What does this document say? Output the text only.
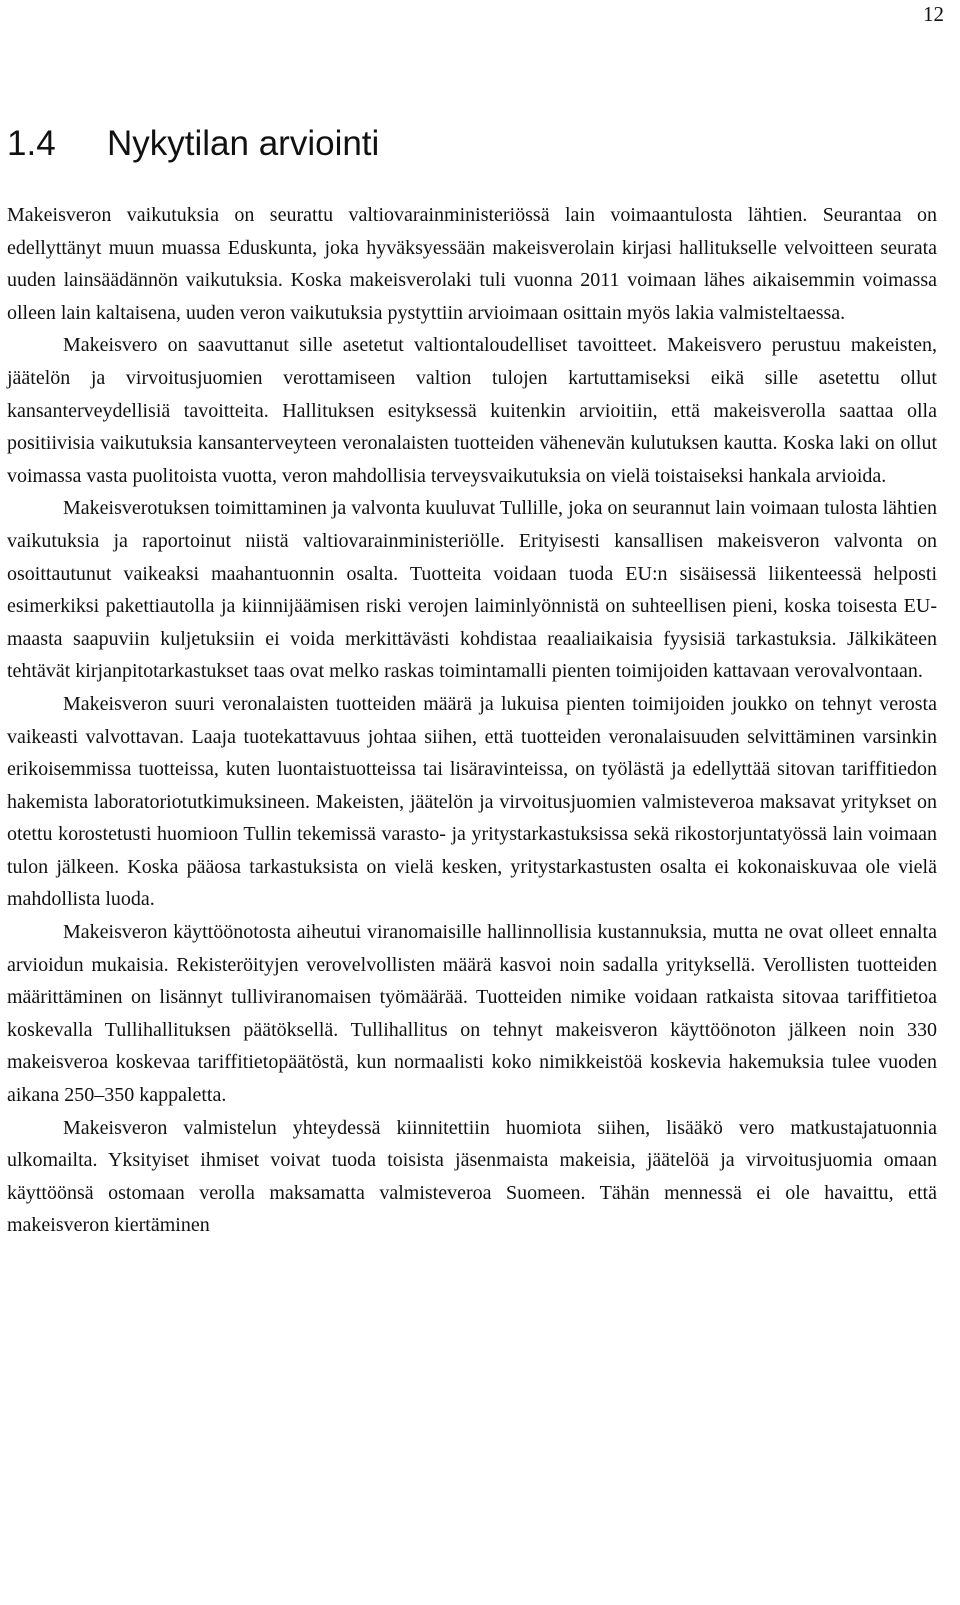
12
1.4 Nykytilan arviointi

Makeisveron vaikutuksia on seurattu valtiovarainministeriössä lain voimaantulosta lähtien. Seurantaa on edellyttänyt muun muassa Eduskunta, joka hyväksyessään makeisverolain kirjasi hallitukselle velvoitteen seurata uuden lainsäädännön vaikutuksia. Koska makeisverolaki tuli vuonna 2011 voimaan lähes aikaisemmin voimassa olleen lain kaltaisena, uuden veron vaikutuksia pystyttiin arvioimaan osittain myös lakia valmisteltaessa.

Makeisvero on saavuttanut sille asetetut valtiontaloudelliset tavoitteet. Makeisvero perustuu makeisten, jäätelön ja virvoitusjuomien verottamiseen valtion tulojen kartuttamiseksi eikä sille asetettu ollut kansanterveydellisiä tavoitteita. Hallituksen esityksessä kuitenkin arvioitiin, että makeisverolla saattaa olla positiivisia vaikutuksia kansanterveyteen veronalaisten tuotteiden vähenevän kulutuksen kautta. Koska laki on ollut voimassa vasta puolitoista vuotta, veron mahdollisia terveysvaikutuksia on vielä toistaiseksi hankala arvioida.

Makeisverotuksen toimittaminen ja valvonta kuuluvat Tullille, joka on seurannut lain voimaan tulosta lähtien vaikutuksia ja raportoinut niistä valtiovarainministeriölle. Erityisesti kansallisen makeisveron valvonta on osoittautunut vaikeaksi maahantuonnin osalta. Tuotteita voidaan tuoda EU:n sisäisessä liikenteessä helposti esimerkiksi pakettiautolla ja kiinnijäämisen riski verojen laiminlyönnistä on suhteellisen pieni, koska toisesta EU-maasta saapuviin kuljetuksiin ei voida merkittävästi kohdistaa reaaliaikaisia fyysisiä tarkastuksia. Jälkikäteen tehtävät kirjanpitotarkastukset taas ovat melko raskas toimintamalli pienten toimijoiden kattavaan verovalvontaan.

Makeisveron suuri veronalaisten tuotteiden määrä ja lukuisa pienten toimijoiden joukko on tehnyt verosta vaikeasti valvottavan. Laaja tuotekattavuus johtaa siihen, että tuotteiden veronalaisuuden selvittäminen varsinkin erikoisemmissa tuotteissa, kuten luontaistuotteissa tai lisäravinteissa, on työlästä ja edellyttää sitovan tariffitiedon hakemista laboratoriotutkimuksineen. Makeisten, jäätelön ja virvoitusjuomien valmisteveroa maksavat yritykset on otettu korostetusti huomioon Tullin tekemissä varasto- ja yritystarkastuksissa sekä rikostorjuntatyössä lain voimaan tulon jälkeen. Koska pääosa tarkastuksista on vielä kesken, yritystarkastusten osalta ei kokonaiskuvaa ole vielä mahdollista luoda.

Makeisveron käyttöönotosta aiheutui viranomaisille hallinnollisia kustannuksia, mutta ne ovat olleet ennalta arvioidun mukaisia. Rekisteröityjen verovelvollisten määrä kasvoi noin sadalla yrityksellä. Verollisten tuotteiden määrittäminen on lisännyt tulliviranomaisen työmäärää. Tuotteiden nimike voidaan ratkaista sitovaa tariffitietoa koskevalla Tullihallituksen päätöksellä. Tullihallitus on tehnyt makeisveron käyttöönoton jälkeen noin 330 makeisveroa koskevaa tariffitietopäätöstä, kun normaalisti koko nimikkeistöä koskevia hakemuksia tulee vuoden aikana 250–350 kappaletta.

Makeisveron valmistelun yhteydessä kiinnitettiin huomiota siihen, lisääkö vero matkustajatuonnia ulkomailta. Yksityiset ihmiset voivat tuoda toisista jäsenmaista makeisia, jäätelöä ja virvoitusjuomia omaan käyttöönsä ostomaan verolla maksamatta valmisteveroa Suomeen. Tähän mennessä ei ole havaittu, että makeisveron kiertäminen
